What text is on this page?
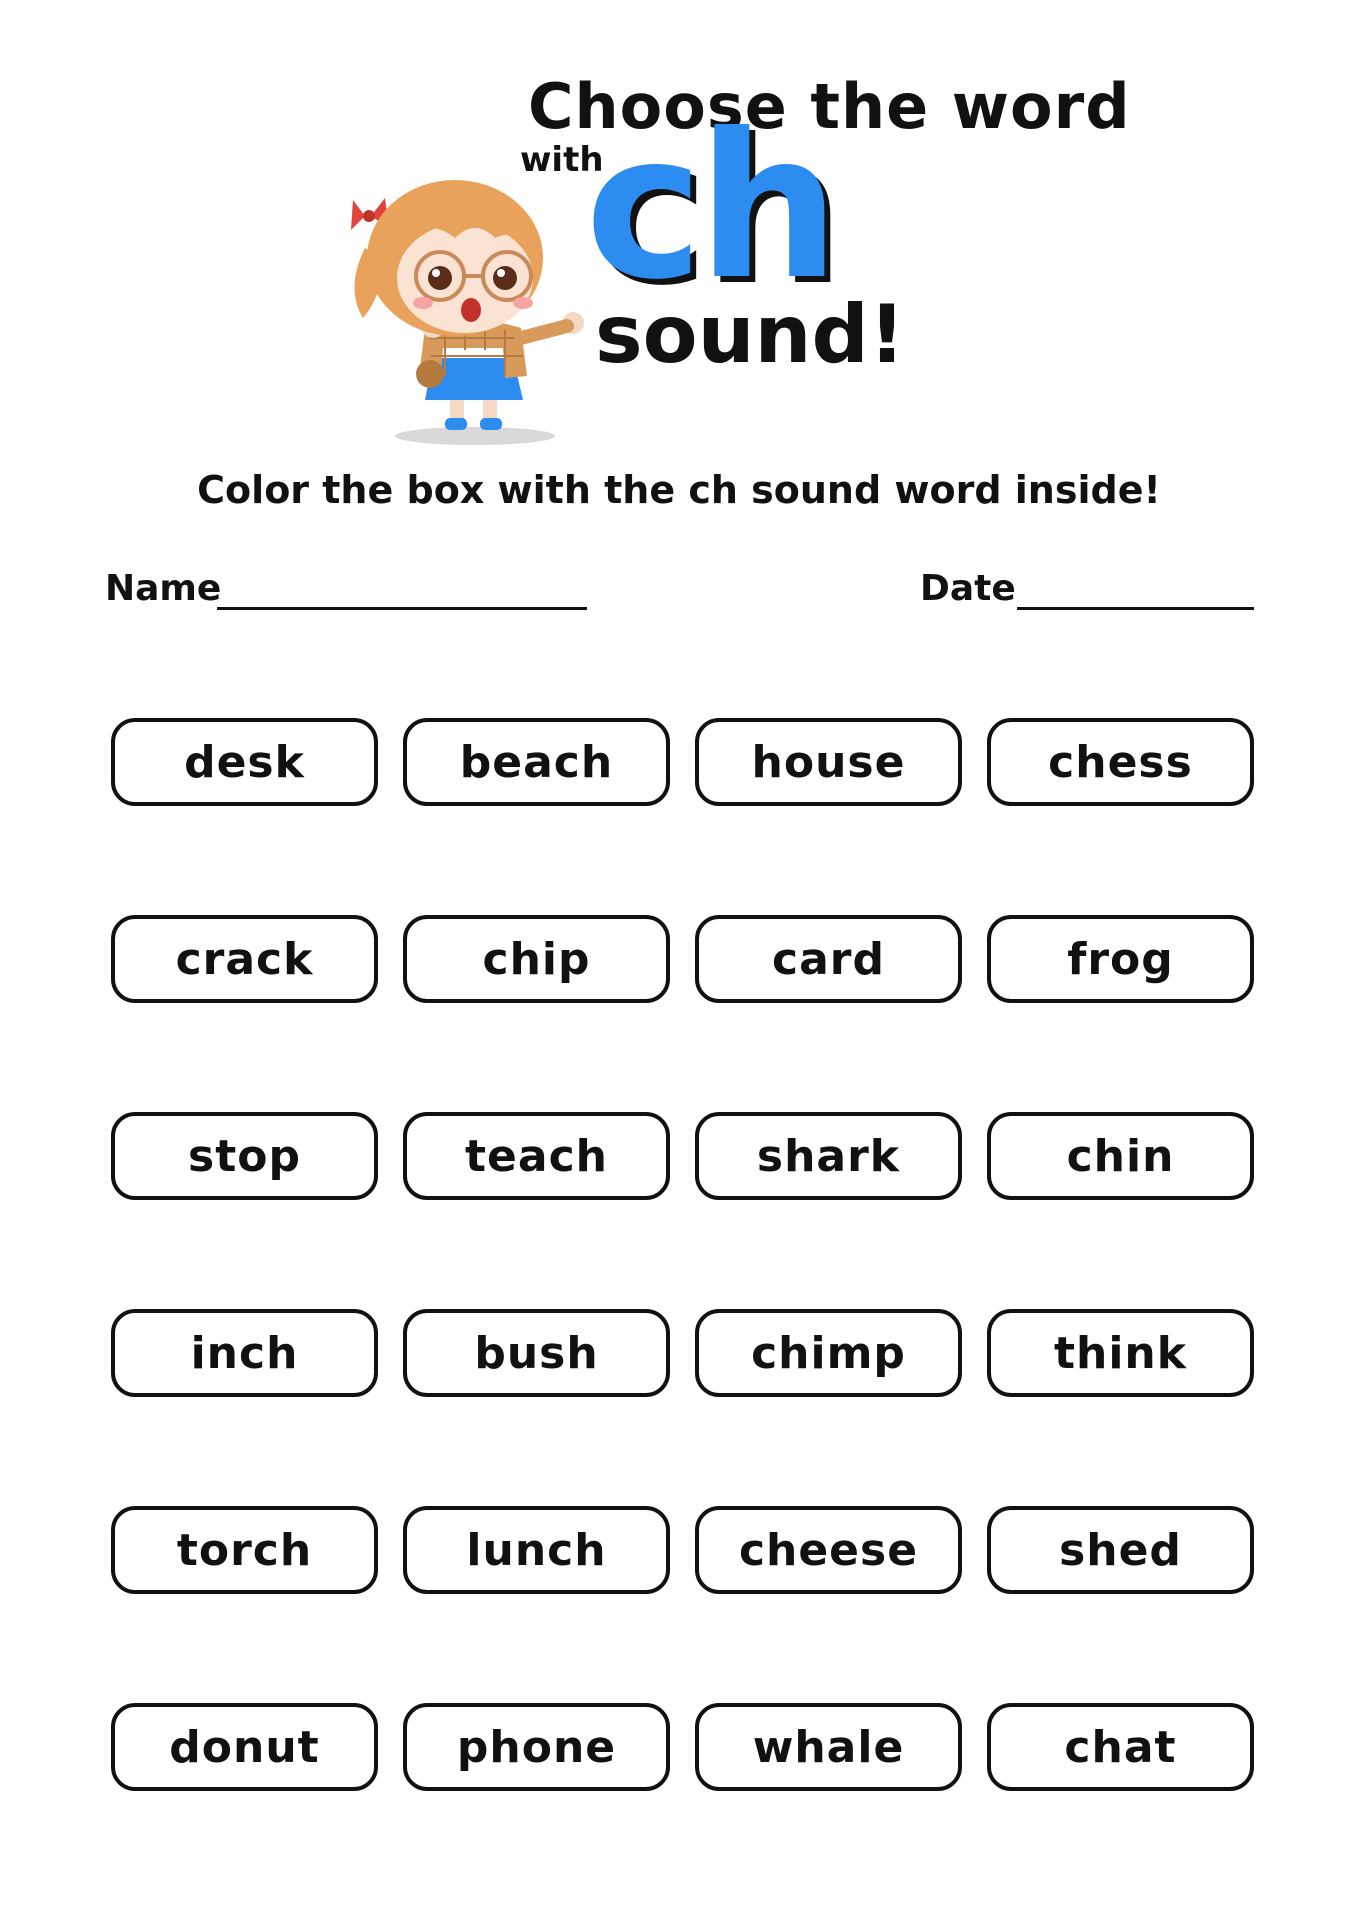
Choose the word
with
ch
sound!
Color the box with the ch sound word inside!
Name	Date
desk	beach	house	chess
crack	chip	card	frog
stop	teach	shark	chin
inch	bush	chimp	think
torch	lunch	cheese	shed
donut	phone	whale	chat
